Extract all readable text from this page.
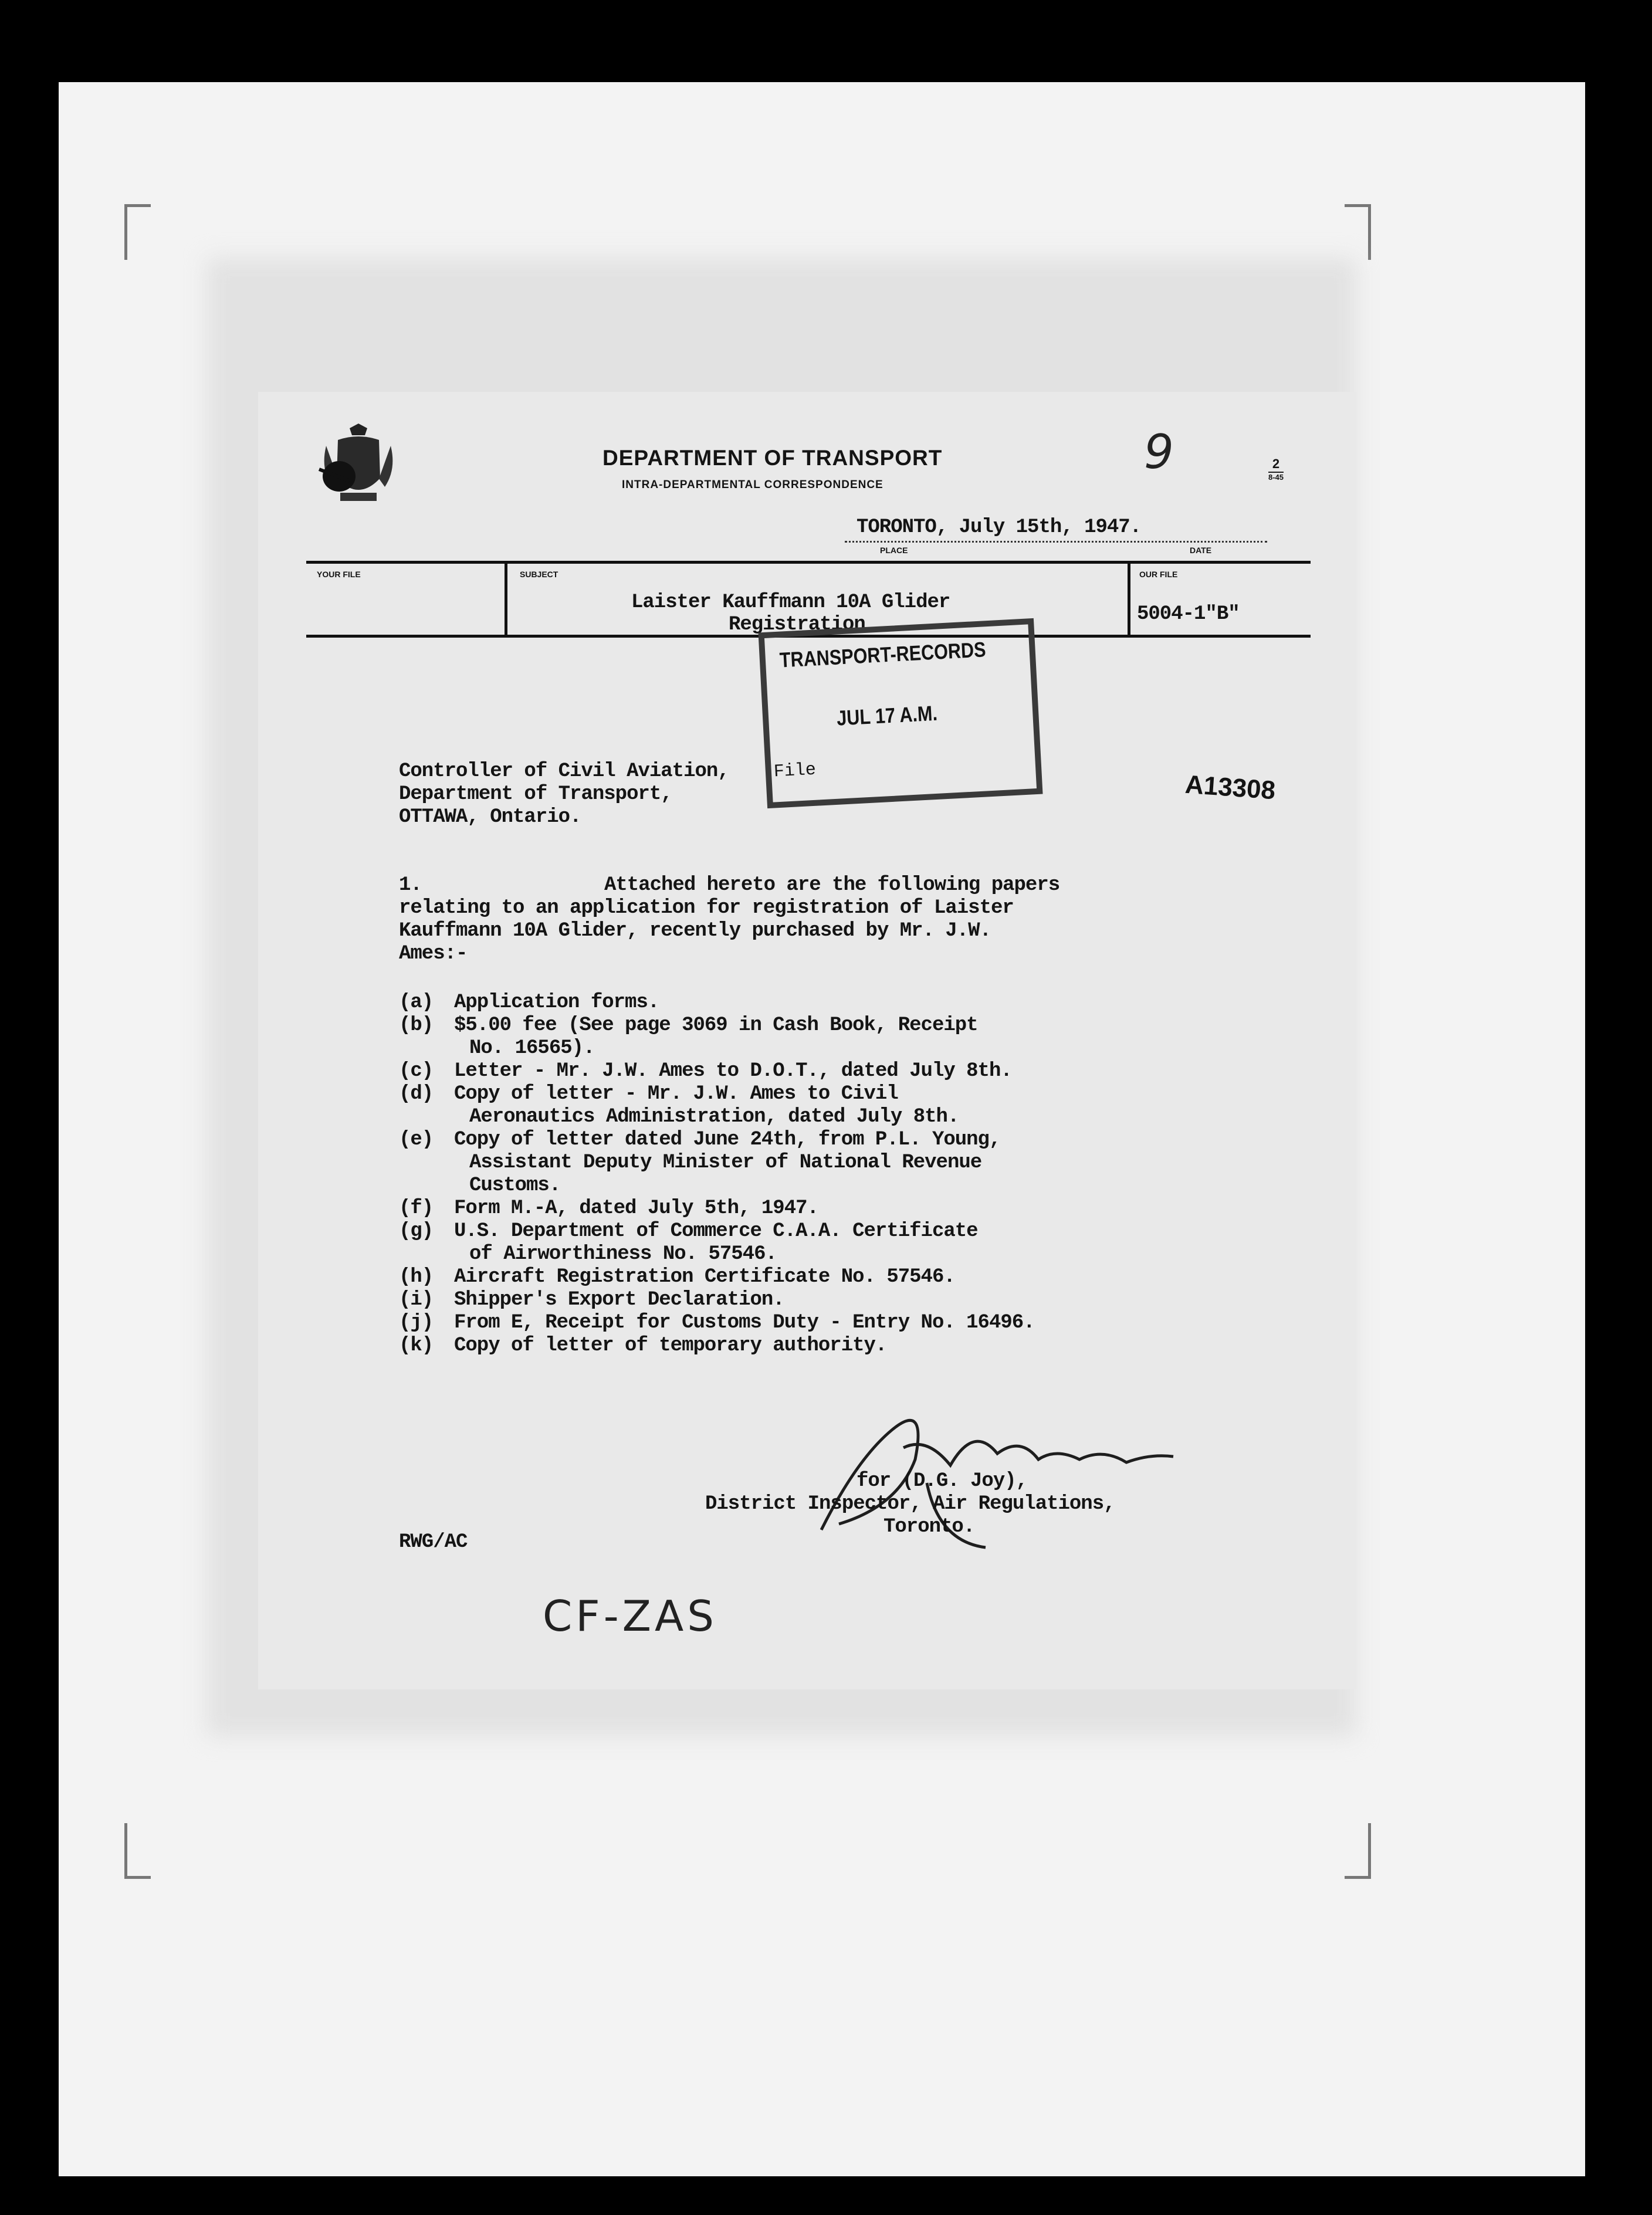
DEPARTMENT OF TRANSPORT
INTRA-DEPARTMENTAL CORRESPONDENCE
9	2
8-45
TORONTO, July 15th, 1947.
PLACE	DATE
YOUR FILE	SUBJECT	OUR FILE
Laister Kauffmann 10A Glider
Registration	5004-1"B"
TRANSPORT-RECORDS
JUL 17 A.M.
File	A13308
Controller of Civil Aviation,
Department of Transport,
OTTAWA, Ontario.
1.	Attached hereto are the following papers
relating to an application for registration of Laister
Kauffmann 10A Glider, recently purchased by Mr. J.W.
Ames:-
(a) Application forms.
(b) $5.00 fee (See page 3069 in Cash Book, Receipt
No. 16565).
(c) Letter - Mr. J.W. Ames to D.O.T., dated July 8th.
(d) Copy of letter - Mr. J.W. Ames to Civil
Aeronautics Administration, dated July 8th.
(e) Copy of letter dated June 24th, from P.L. Young,
Assistant Deputy Minister of National Revenue
Customs.
(f) Form M.-A, dated July 5th, 1947.
(g) U.S. Department of Commerce C.A.A. Certificate
of Airworthiness No. 57546.
(h) Aircraft Registration Certificate No. 57546.
(i) Shipper's Export Declaration.
(j) From E, Receipt for Customs Duty - Entry No. 16496.
(k) Copy of letter of temporary authority.
for (D.G. Joy),
District Inspector, Air Regulations,
Toronto.
RWG/AC
CF-ZAS
